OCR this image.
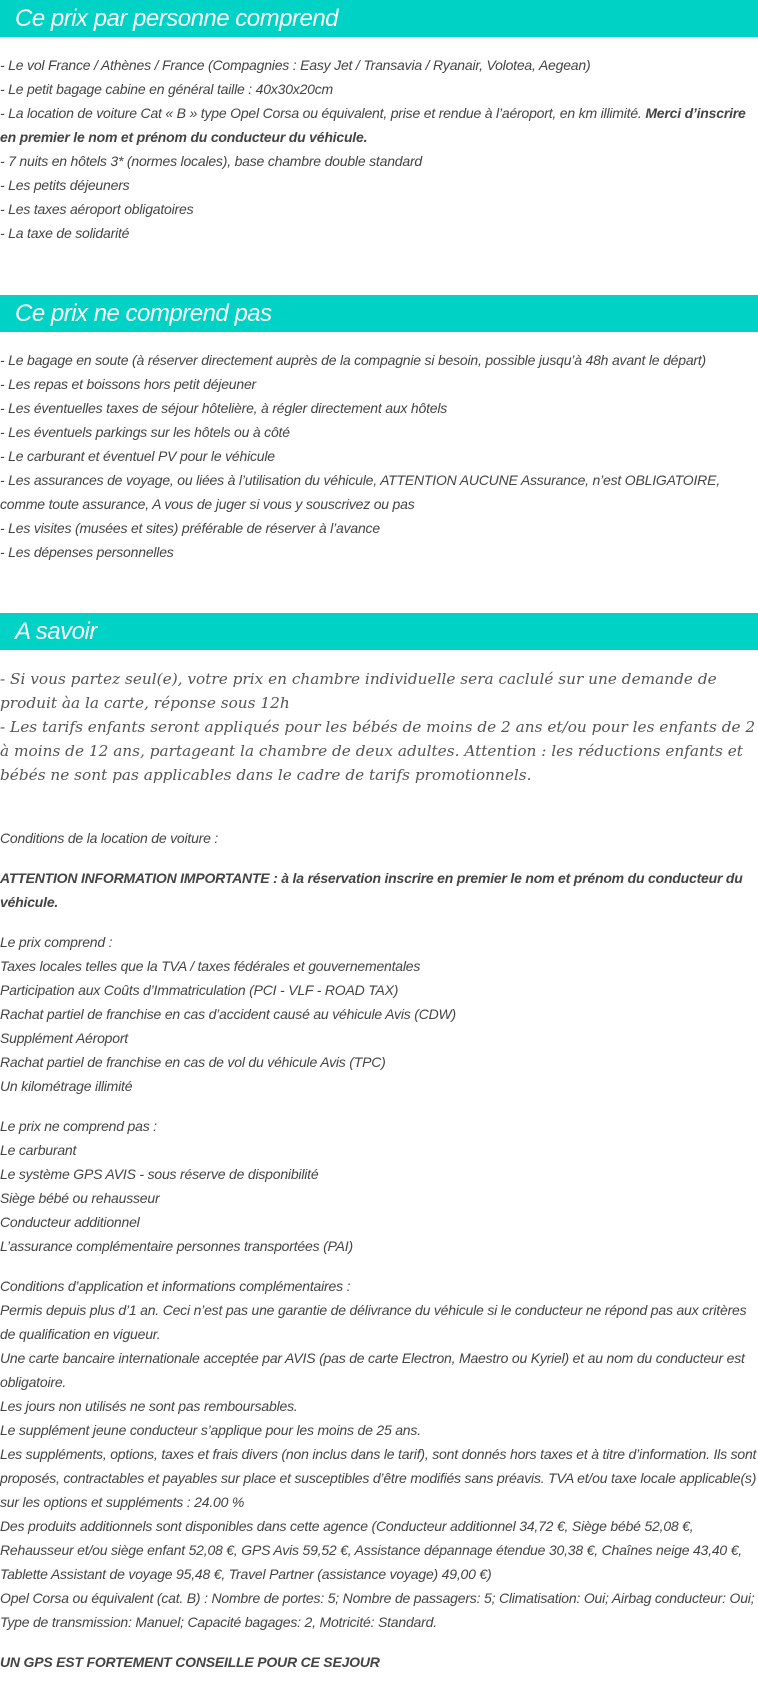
Ce prix par personne comprend

- Le vol France / Athènes / France (Compagnies : Easy Jet / Transavia / Ryanair, Volotea, Aegean)

- Le petit bagage cabine en général taille : 40x30x20cm

- La location de voiture Cat « B » type Opel Corsa ou équivalent, prise et rendue à l’aéroport, en km illimité. Merci d’inscrire en premier le nom et prénom du conducteur du véhicule.

- 7 nuits en hôtels 3* (normes locales), base chambre double standard

- Les petits déjeuners

- Les taxes aéroport obligatoires

- La taxe de solidarité

Ce prix ne comprend pas

- Le bagage en soute (à réserver directement auprès de la compagnie si besoin, possible jusqu’à 48h avant le départ)

- Les repas et boissons hors petit déjeuner

- Les éventuelles taxes de séjour hôtelière, à régler directement aux hôtels

- Les éventuels parkings sur les hôtels ou à côté

- Le carburant et éventuel PV pour le véhicule

- Les assurances de voyage, ou liées à l’utilisation du véhicule, ATTENTION AUCUNE Assurance, n’est OBLIGATOIRE, comme toute assurance, A vous de juger si vous y souscrivez ou pas

- Les visites (musées et sites) préférable de réserver à l’avance

- Les dépenses personnelles

A savoir

- Si vous partez seul(e), votre prix en chambre individuelle sera caclulé sur une demande de produit àa la carte, réponse sous 12h

- Les tarifs enfants seront appliqués pour les bébés de moins de 2 ans et/ou pour les enfants de 2 à moins de 12 ans, partageant la chambre de deux adultes. Attention : les réductions enfants et bébés ne sont pas applicables dans le cadre de tarifs promotionnels.

Conditions de la location de voiture :

ATTENTION INFORMATION IMPORTANTE : à la réservation inscrire en premier le nom et prénom du conducteur du véhicule.

Le prix comprend :

Taxes locales telles que la TVA / taxes fédérales et gouvernementales

Participation aux Coûts d’Immatriculation (PCI - VLF - ROAD TAX)

Rachat partiel de franchise en cas d’accident causé au véhicule Avis (CDW)

Supplément Aéroport

Rachat partiel de franchise en cas de vol du véhicule Avis (TPC)

Un kilométrage illimité

Le prix ne comprend pas :

Le carburant

Le système GPS AVIS - sous réserve de disponibilité

Siège bébé ou rehausseur

Conducteur additionnel

L’assurance complémentaire personnes transportées (PAI)

Conditions d’application et informations complémentaires :

Permis depuis plus d’1 an. Ceci n’est pas une garantie de délivrance du véhicule si le conducteur ne répond pas aux critères de qualification en vigueur.

Une carte bancaire internationale acceptée par AVIS (pas de carte Electron, Maestro ou Kyriel) et au nom du conducteur est obligatoire.

Les jours non utilisés ne sont pas remboursables.

Le supplément jeune conducteur s’applique pour les moins de 25 ans.

Les suppléments, options, taxes et frais divers (non inclus dans le tarif), sont donnés hors taxes et à titre d’information. Ils sont proposés, contractables et payables sur place et susceptibles d’être modifiés sans préavis. TVA et/ou taxe locale applicable(s) sur les options et suppléments : 24.00 %

Des produits additionnels sont disponibles dans cette agence (Conducteur additionnel 34,72 €, Siège bébé 52,08 €, Rehausseur et/ou siège enfant 52,08 €, GPS Avis 59,52 €, Assistance dépannage étendue 30,38 €, Chaînes neige 43,40 €, Tablette Assistant de voyage 95,48 €, Travel Partner (assistance voyage) 49,00 €)

Opel Corsa ou équivalent (cat. B) : Nombre de portes: 5; Nombre de passagers: 5; Climatisation: Oui; Airbag conducteur: Oui; Type de transmission: Manuel; Capacité bagages: 2, Motricité: Standard.

UN GPS EST FORTEMENT CONSEILLE POUR CE SEJOUR
